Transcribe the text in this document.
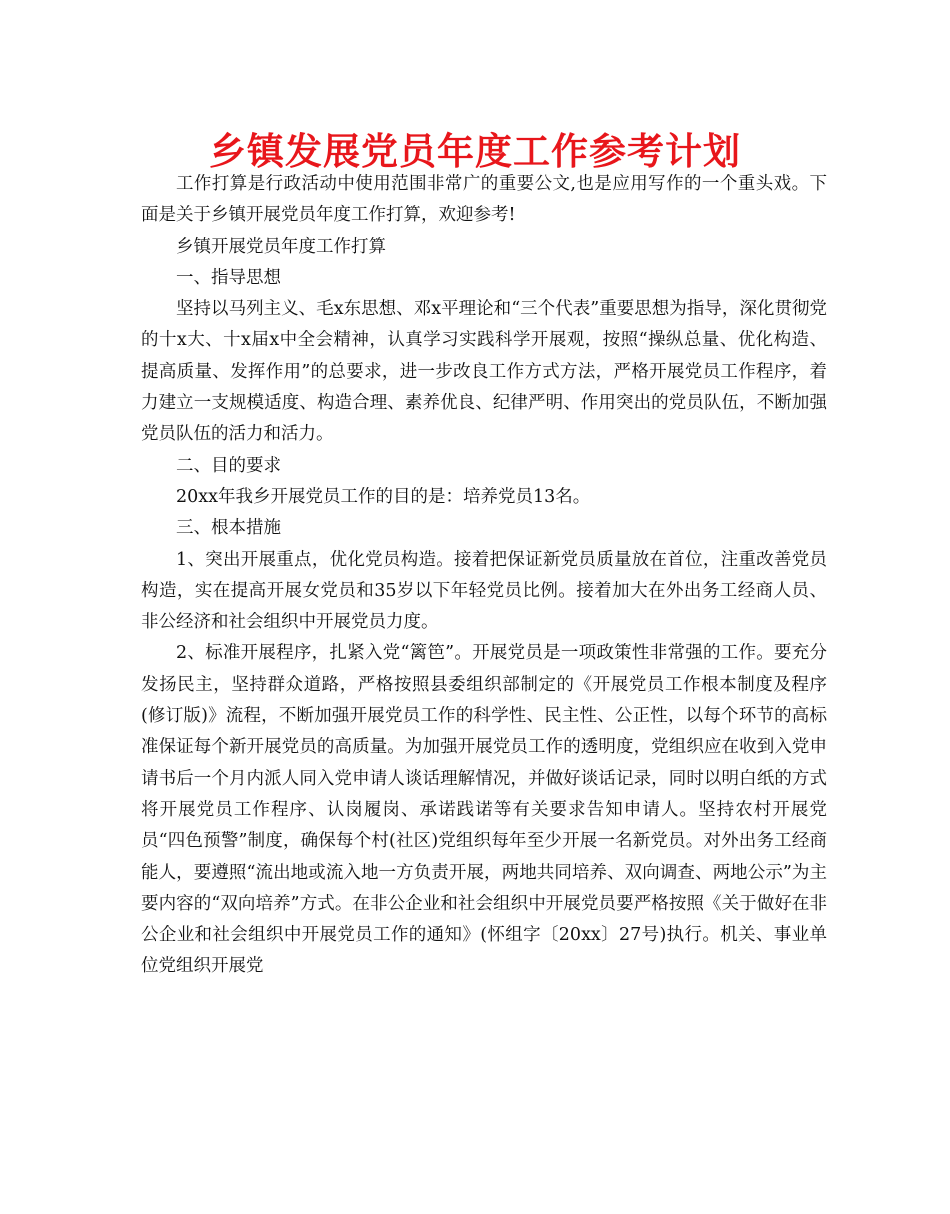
乡镇发展党员年度工作参考计划

工作打算是行政活动中使用范围非常广的重要公文,也是应用写作的一个重头戏。下面是关于乡镇开展党员年度工作打算，欢迎参考!

乡镇开展党员年度工作打算

一、指导思想

坚持以马列主义、毛x东思想、邓x平理论和“三个代表”重要思想为指导，深化贯彻党的十x大、十x届x中全会精神，认真学习实践科学开展观，按照“操纵总量、优化构造、提高质量、发挥作用”的总要求，进一步改良工作方式方法，严格开展党员工作程序，着力建立一支规模适度、构造合理、素养优良、纪律严明、作用突出的党员队伍，不断加强党员队伍的活力和活力。

二、目的要求

20xx年我乡开展党员工作的目的是：培养党员13名。

三、根本措施

1、突出开展重点，优化党员构造。接着把保证新党员质量放在首位，注重改善党员构造，实在提高开展女党员和35岁以下年轻党员比例。接着加大在外出务工经商人员、非公经济和社会组织中开展党员力度。

2、标准开展程序，扎紧入党“篱笆”。开展党员是一项政策性非常强的工作。要充分发扬民主，坚持群众道路，严格按照县委组织部制定的《开展党员工作根本制度及程序(修订版)》流程，不断加强开展党员工作的科学性、民主性、公正性，以每个环节的高标准保证每个新开展党员的高质量。为加强开展党员工作的透明度，党组织应在收到入党申请书后一个月内派人同入党申请人谈话理解情况，并做好谈话记录，同时以明白纸的方式将开展党员工作程序、认岗履岗、承诺践诺等有关要求告知申请人。坚持农村开展党员“四色预警”制度，确保每个村(社区)党组织每年至少开展一名新党员。对外出务工经商能人，要遵照“流出地或流入地一方负责开展，两地共同培养、双向调查、两地公示”为主要内容的“双向培养”方式。在非公企业和社会组织中开展党员要严格按照《关于做好在非公企业和社会组织中开展党员工作的通知》(怀组字〔20xx〕27号)执行。机关、事业单位党组织开展党
